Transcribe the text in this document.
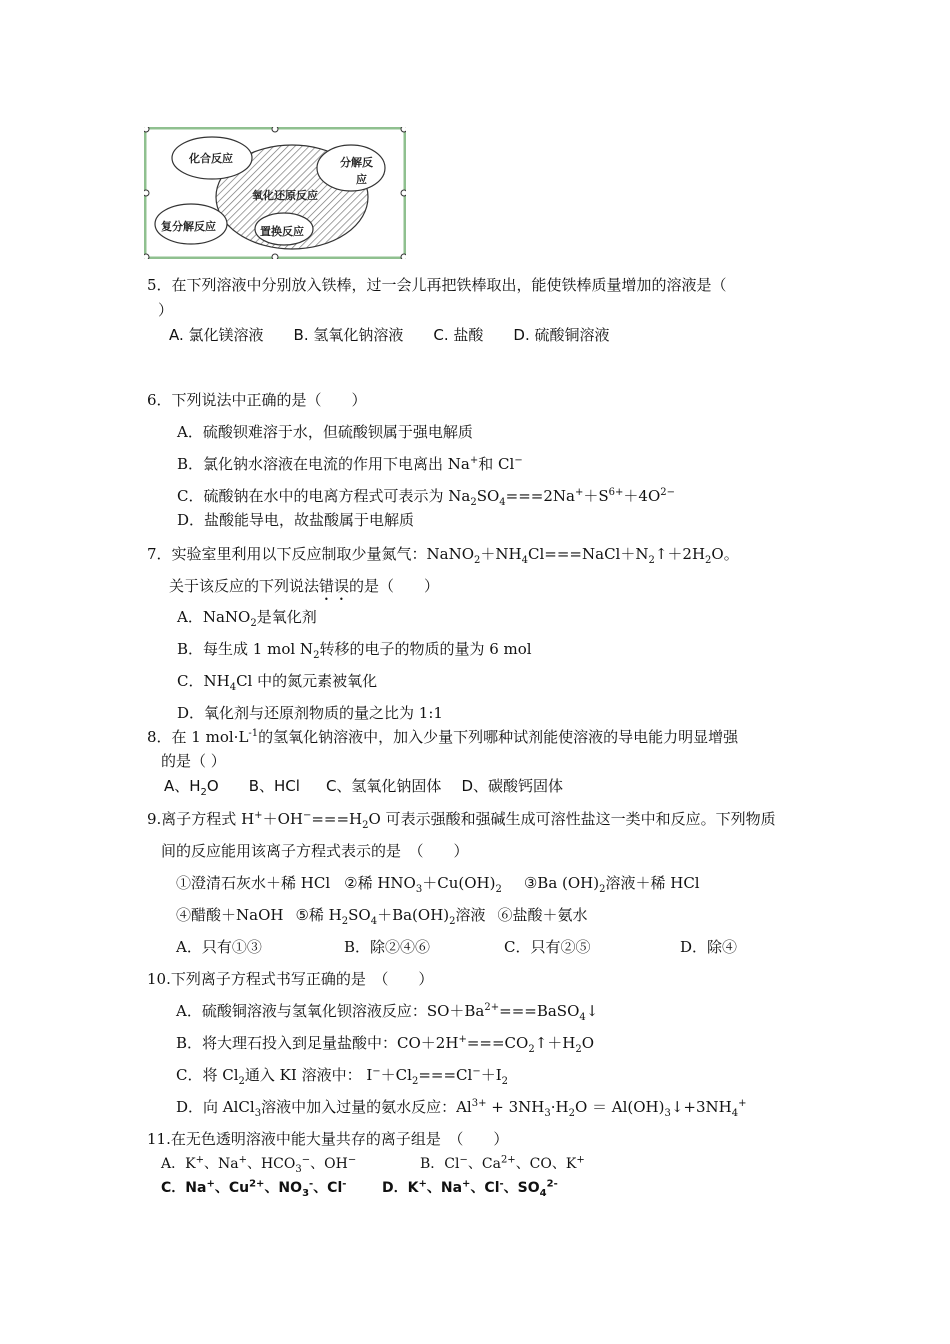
化合反应	分解反
应
氧化还原反应
复分解反应	置换反应
5．在下列溶液中分别放入铁棒，过一会儿再把铁棒取出，能使铁棒质量增加的溶液是（
）
A. 氯化镁溶液 B. 氢氧化钠溶液 C. 盐酸 D. 硫酸铜溶液
6．下列说法中正确的是（　　）
A．硫酸钡难溶于水，但硫酸钡属于强电解质
B．氯化钠水溶液在电流的作用下电离出 Na+和 Cl−
C．硫酸钠在水中的电离方程式可表示为 $Na_2SO_4===2Na^++S^{6+}+4O^{2-}$
D．盐酸能导电，故盐酸属于电解质
7．实验室里利用以下反应制取少量氮气：$NaNO_2+NH_4Cl===NaCl+N_2↑+2H_2O$。
关于该反应的下列说法错误的是（　　）
A．NaNO$_2$是氧化剂
B．每生成 1 mol $N_2$转移的电子的物质的量为 6 mol
C．$NH_4Cl$ 中的氮元素被氧化
D．氧化剂与还原剂物质的量之比为 1:1
8．在 1 $mol\cdot L^{-1}$的氢氧化钠溶液中，加入少量下列哪种试剂能使溶液的导电能力明显增强
的是（ ）
A、$H_2O$ B、HCl C、氢氧化钠固体 D、碳酸钙固体
9.离子方程式 $H^++OH^-===H_2O$ 可表示强酸和强碱生成可溶性盐这一类中和反应。下列物质
间的反应能用该离子方程式表示的是　（　　）
①澄清石灰水＋稀 HCl ②稀 $HNO_3+Cu(OH)_2$ ③Ba $(OH)_2$溶液＋稀 HCl
④醋酸＋NaOH ⑤稀 $H_2SO_4+Ba(OH)_2$溶液 ⑥盐酸＋氨水
A．只有①③	B．除②④⑥	C．只有②⑤	D．除④
10.下列离子方程式书写正确的是　（　　）
A．硫酸铜溶液与氢氧化钡溶液反应：$SO+Ba^{2+}===BaSO_4↓$
B．将大理石投入到足量盐酸中：$CO+2H^+===CO_2↑+H_2O$
C．将 $Cl_2$通入 KI 溶液中： $I^-+Cl_2===Cl^-+I_2$
D．向 AlCl$_3$溶液中加入过量的氨水反应：$Al^{3+} + 3NH_3\cdot H_2O$ ＝ $Al(OH)_3↓+3NH_4^+$
11.在无色透明溶液中能大量共存的离子组是　（　　）
A．K+、Na+、$HCO_3^-$、OH−	B．Cl−、$Ca^{2+}$、CO、K+
C．Na+、$Cu^{2+}$、$NO_3^-$、Cl-	D．K+、Na+、Cl-、$SO_4^{2-}$
